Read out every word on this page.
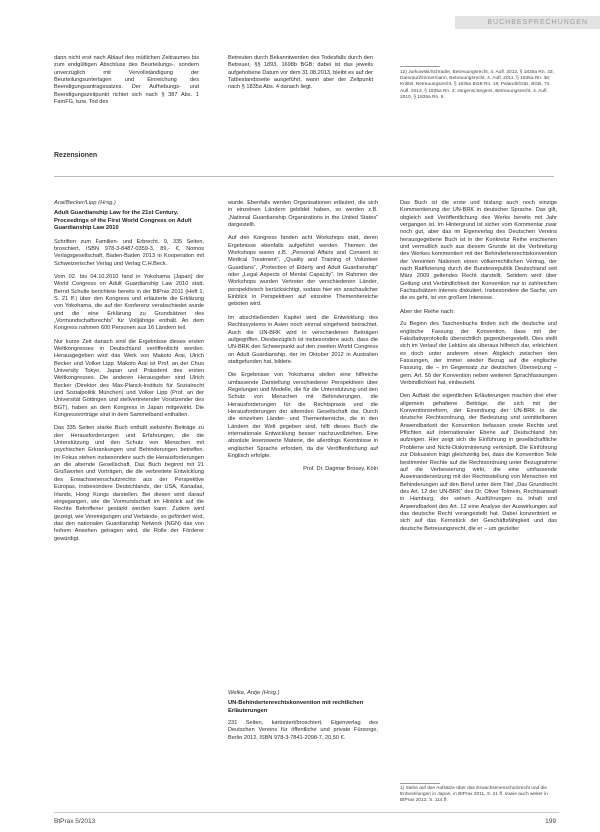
BUCHBESPRECHUNGEN
dann nicht erst nach Ablauf des mütlichen Zeitraumes bis zum endgültigen Abschluss des Beurteilungs-, sondern unverzüglich mit Vervollständigung der Beurteilungsunterlagen und Einreichung des Beendigungsantragssatzes. Der Aufhebungs- und Beendigungszeitpunkt richtet sich nach § 387 Abs. 1 FamFG, bzw. Tod des
Betreuten durch Bekanntwerden des Todesfalls durch den Betreuer, §§ 1893, 1698b BGB; dabei ist das jeweils aufgehobene Datum vor dem 31.08.2013, bleibt es auf der Tatbestandsseite ausgeführt, wann aber der Zeitpunkt nach § 1835a Abs. 4 danach liegt.
12) Jurkowski/Schrader, Betreuungsrecht, 4. Aufl. 2012, § 1835a Rn. 33; Damrau/Zimmermann, Betreuungsrecht, 4. Aufl. 2011, § 1835a Rn. 36; Knittel, Betreuungsrecht, § 1835a BGB Rn. 18; Palandt/Götz, BGB, 72. Aufl. 2013, § 1835a Rn. 3; Jürgens/Jürgens, Betreuungsrecht, 4. Aufl. 2010, § 1835a Rn. 8.
Rezensionen
Arai/Becker/Lipp (Hrsg.)
Adult Guardianship Law for the 21st Century. Proceedings of the First World Congress on Adult Guardianship Law 2010
Schriften zum Familien- und Erbrecht, 9, 335 Seiten, broschiert, ISBN 978-3-8487-0359-3, 89,- €, Nomos Verlagsgesellschaft, Baden-Baden 2013 in Kooperation mit Schweizerischer Verlag und Verlag C.H.Beck.
Vom 02. bis 04.10.2010 fand in Yokohama (Japan) der World Congress on Adult Guardianship Law 2010 statt. Bernd Schulte berichtete bereits in der BtPrax 2011 (Heft 1, S. 21 ff.) über den Kongress und erläuterte die Erklärung von Yokohama, die auf der Konferenz verabschiedet wurde und die eine Erklärung zu Grundsätzen des „Vormundschaftsrechts“ für Volljährige enthält. An dem Kongress nahmen 600 Personen aus 16 Ländern teil.
Nur kurze Zeit danach sind die Ergebnisse dieses ersten Weltkongresses in Deutschland veröffentlicht worden. Herausgegeben wird das Werk von Makoto Arai, Ulrich Becker und Volker Lipp. Makoto Arai ist Prof. an der Chuo University Tokyo, Japan und Präsident des ersten Weltkongresses. Die anderen Herausgeber sind Ulrich Becker (Direktor des Max-Planck-Instituts für Sozialrecht und Sozialpolitik München) und Volker Lipp (Prof. an der Universität Göttingen und stellvertretender Vorsitzender des BGT), haben an dem Kongress in Japan mitgewirkt. Die Kongressvorträge sind in dem Sammelband enthalten.
Das 335 Seiten starke Buch enthält siebzehn Beiträge zu den Herausforderungen und Erfahrungen, die die Unterstützung und den Schutz von Menschen mit psychischen Erkrankungen und Behinderungen betreffen. Im Fokus stehen insbesondere auch die Herausforderungen an die alternde Gesellschaft. Das Buch beginnt mit 21 Grußworten und Vorträgen, die die verbreitete Entwicklung des Erwachsenenschutzrechts aus der Perspektive Europas, insbesondere Deutschlands, der USA, Kanadas, Irlands, Hong Kongs darstellen. Bei diesen wird darauf eingegangen, wie die Vormundschaft im Hinblick auf die Rechte Betroffener gestärkt werden kann. Zudem wird gezeigt, wie Vereinigungen und Verbände, so gefördert wird, das den nationalen Guardianship Network (NGN) das von hohem Ansehen getragen wird, die Rolle der Förderer gewürdigt.
wurde. Ebenfalls werden Organisationen erläutert, die sich in einzelnen Ländern gebildet haben, so werden z.B. „National Guardianship Organizations in the United States“ dargestellt.
Auf den Kongress fanden acht Workshops statt, deren Ergebnisse ebenfalls aufgeführt werden. Themen der Workshops waren z.B. „Personal Affairs and Consent to Medical Treatment“, „Quality and Training of Volunteer Guardians“, „Protection of Elderly and Adult Guardianship“ oder „Legal Aspects of Mental Capacity“. Im Rahmen der Workshops wurden Vertreter der verschiedenen Länder, perspektivisch berücksichtigt, sodass hier ein anschaulicher Einblick in Perspektiven auf einzelne Themenbereiche geboten wird.
Im abschließenden Kapitel wird die Entwicklung des Rechtssystems in Asien noch einmal eingehend betrachtet. Auch die UN-BRK wird in verschiedenen Beiträgen aufgegriffen. Diesbezüglich ist insbesondere auch, dass die UN-BRK den Schwerpunkt auf den zweiten World Congress on Adult Guardianship, der im Oktober 2012 in Australien stattgefunden hat, bildete.
Die Ergebnisse von Yokohama stellen eine hilfreiche umfassende Darstellung verschiedener Perspektiven über Regelungen und Modelle, die für die Unterstützung und den Schutz von Menschen mit Behinderungen, die Herausforderungen für die Rechtspraxis und die Herausforderungen der alternden Gesellschaft dar. Durch die einzelnen Länder- und Themenbereiche, die in den Ländern der Welt gegeben sind, hilft dieses Buch die internationale Entwicklung besser nachzuvollziehen. Eine absolute lesenswerte Materie, die allerdings Kenntnisse in englischer Sprache erfordert, da die Veröffentlichung auf Englisch erfolgte.
Prof. Dr. Dagmar Brosey, Köln
Welke, Antje (Hrsg.)
UN-Behindertenrechtskonvention mit rechtlichen Erläuterungen
231 Seiten, kartoniert/broschiert, Eigenverlag des Deutschen Vereins für öffentliche und private Fürsorge, Berlin 2012, ISBN 978-3-7841-2098-7, 20,50 €.
Das Buch ist die erste und bislang auch noch einzige Kommentierung der UN-BRK in deutscher Sprache. Das gilt, obgleich seit Veröffentlichung des Werks bereits mit Jahr vergangen ist. Im Hintergrund ist sicher vom Kommentar zwar noch gut, aber das im Eigenverlag des Deutschen Vereins herausgegebene Buch ist in der Konkretur Reihe erschienen und vermutlich auch aus diesem Grunde ist die Verbreitung des Werkes kommentiert mit der Behindertenrechtskonvention der Vereinten Nationen einen völkerrechtlichen Vertrag, der nach Ratifizierung durch die Bundesrepublik Deutschland seit März 2009 geltendes Recht darstellt. Seitdem wird über Geltung und Verbindlichkeit der Konvention nur in zahlreichen Fachaufsätzen intensiv diskutiert. Insbesondere die Sache, um die es geht, ist von großem Interesse.
Aber der Reihe nach:
Zu Beginn des Taschenbuchs finden sich die deutsche und englische Fassung der Konvention, dass mit der Fakultativprotokolls übersichtlich gegenübergestellt. Dies stellt sich im Verlauf der Lektüre als überaus hilfreich dar, erleichtert es doch unter anderem einen Abgleich zwischen den Fassungen, der immer wieder Bezug auf die englische Fassung, die – im Gegensatz zur deutschen Übersetzung – gem. Art. 50 der Konvention neben weiteren Sprachfassungen Verbindlichkeit hat, einbezieht.
Den Auftakt der eigentlichen Erläuterungen machen drei eher allgemein gehaltene Beiträge, die sich mit der Konventionsreform, der Einordnung der UN-BRK in die deutsche Rechtsordnung, der Bedeutung und unmittelbaren Anwendbarkeit der Konvention befassen sowie Rechte und Pflichten auf internationaler Ebene auf Deutschland hin aufzeigen. Hier zeigt sich die Einführung in gesellschaftliche Probleme und Nicht-Diskriminierung verknüpft. Die Einführung zur Diskussion trägt gleichzeitig bei, dass die Konvention Teile bestimmter Rechte auf die Rechtsordnung unter Bezugnahme auf die Verbesserung wirkt, die eine umfassende Auseinandersetzung mit der Rechtsstellung von Menschen mit Behinderungen auf den Beruf unter dem Titel „Das Grundrecht des Art. 12 der UN-BRK“ des Dr. Oliver Tolmein, Rechtsanwalt in Hamburg, der seinen Ausführungen zu Inhalt und Anwendbarkeit des Art. 12 eine Analyse der Auswirkungen auf das deutsche Recht vorangestellt hat. Dabei konzentriert er sich auf das Kernstück der Geschäftsfähigkeit und das deutsche Betreuungsrecht, die er – um gezielter
1) Siehe auf den Aufsätze über das Erwachsenenschutzrecht und die Entwicklungen in Japan, in BtPrax 2011, S. 21 ff. sowie auch weiter in BtPrax 2013, S. 114 ff.
BtPrax 5/2013	199
